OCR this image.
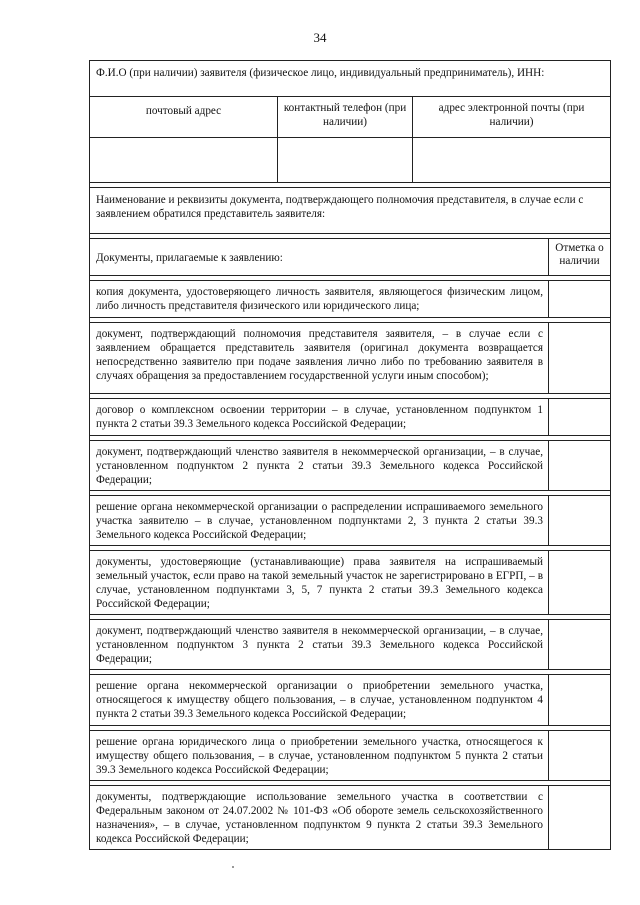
34
Ф.И.О (при наличии) заявителя (физическое лицо, индивидуальный предприниматель), ИНН:
почтовый адрес	контактный телефон (при наличии)
адрес электронной почты (при наличии)
Наименование и реквизиты документа, подтверждающего полномочия представителя, в случае если с заявлением обратился представитель заявителя:
Документы, прилагаемые к заявлению:
Отметка о наличии
копия документа, удостоверяющего личность заявителя, являющегося физическим лицом, либо личность представителя физического или юридического лица;
документ, подтверждающий полномочия представителя заявителя, – в случае если с заявлением обращается представитель заявителя (оригинал документа возвращается непосредственно заявителю при подаче заявления лично либо по требованию заявителя в случаях обращения за предоставлением государственной услуги иным способом);
договор о комплексном освоении территории – в случае, установленном подпунктом 1 пункта 2 статьи 39.3 Земельного кодекса Российской Федерации;
документ, подтверждающий членство заявителя в некоммерческой организации, – в случае, установленном подпунктом 2 пункта 2 статьи 39.3 Земельного кодекса Российской Федерации;
решение органа некоммерческой организации о распределении испрашиваемого земельного участка заявителю – в случае, установленном подпунктами 2, 3 пункта 2 статьи 39.3 Земельного кодекса Российской Федерации;
документы, удостоверяющие (устанавливающие) права заявителя на испрашиваемый земельный участок, если право на такой земельный участок не зарегистрировано в ЕГРП, – в случае, установленном подпунктами 3, 5, 7 пункта 2 статьи 39.3 Земельного кодекса Российской Федерации;
документ, подтверждающий членство заявителя в некоммерческой организации, – в случае, установленном подпунктом 3 пункта 2 статьи 39.3 Земельного кодекса Российской Федерации;
решение органа некоммерческой организации о приобретении земельного участка, относящегося к имуществу общего пользования, – в случае, установленном подпунктом 4 пункта 2 статьи 39.3 Земельного кодекса Российской Федерации;
решение органа юридического лица о приобретении земельного участка, относящегося к имуществу общего пользования, – в случае, установленном подпунктом 5 пункта 2 статьи 39.3 Земельного кодекса Российской Федерации;
документы, подтверждающие использование земельного участка в соответствии с Федеральным законом от 24.07.2002 № 101-ФЗ «Об обороте земель сельскохозяйственного назначения», – в случае, установленном подпунктом 9 пункта 2 статьи 39.3 Земельного кодекса Российской Федерации;
